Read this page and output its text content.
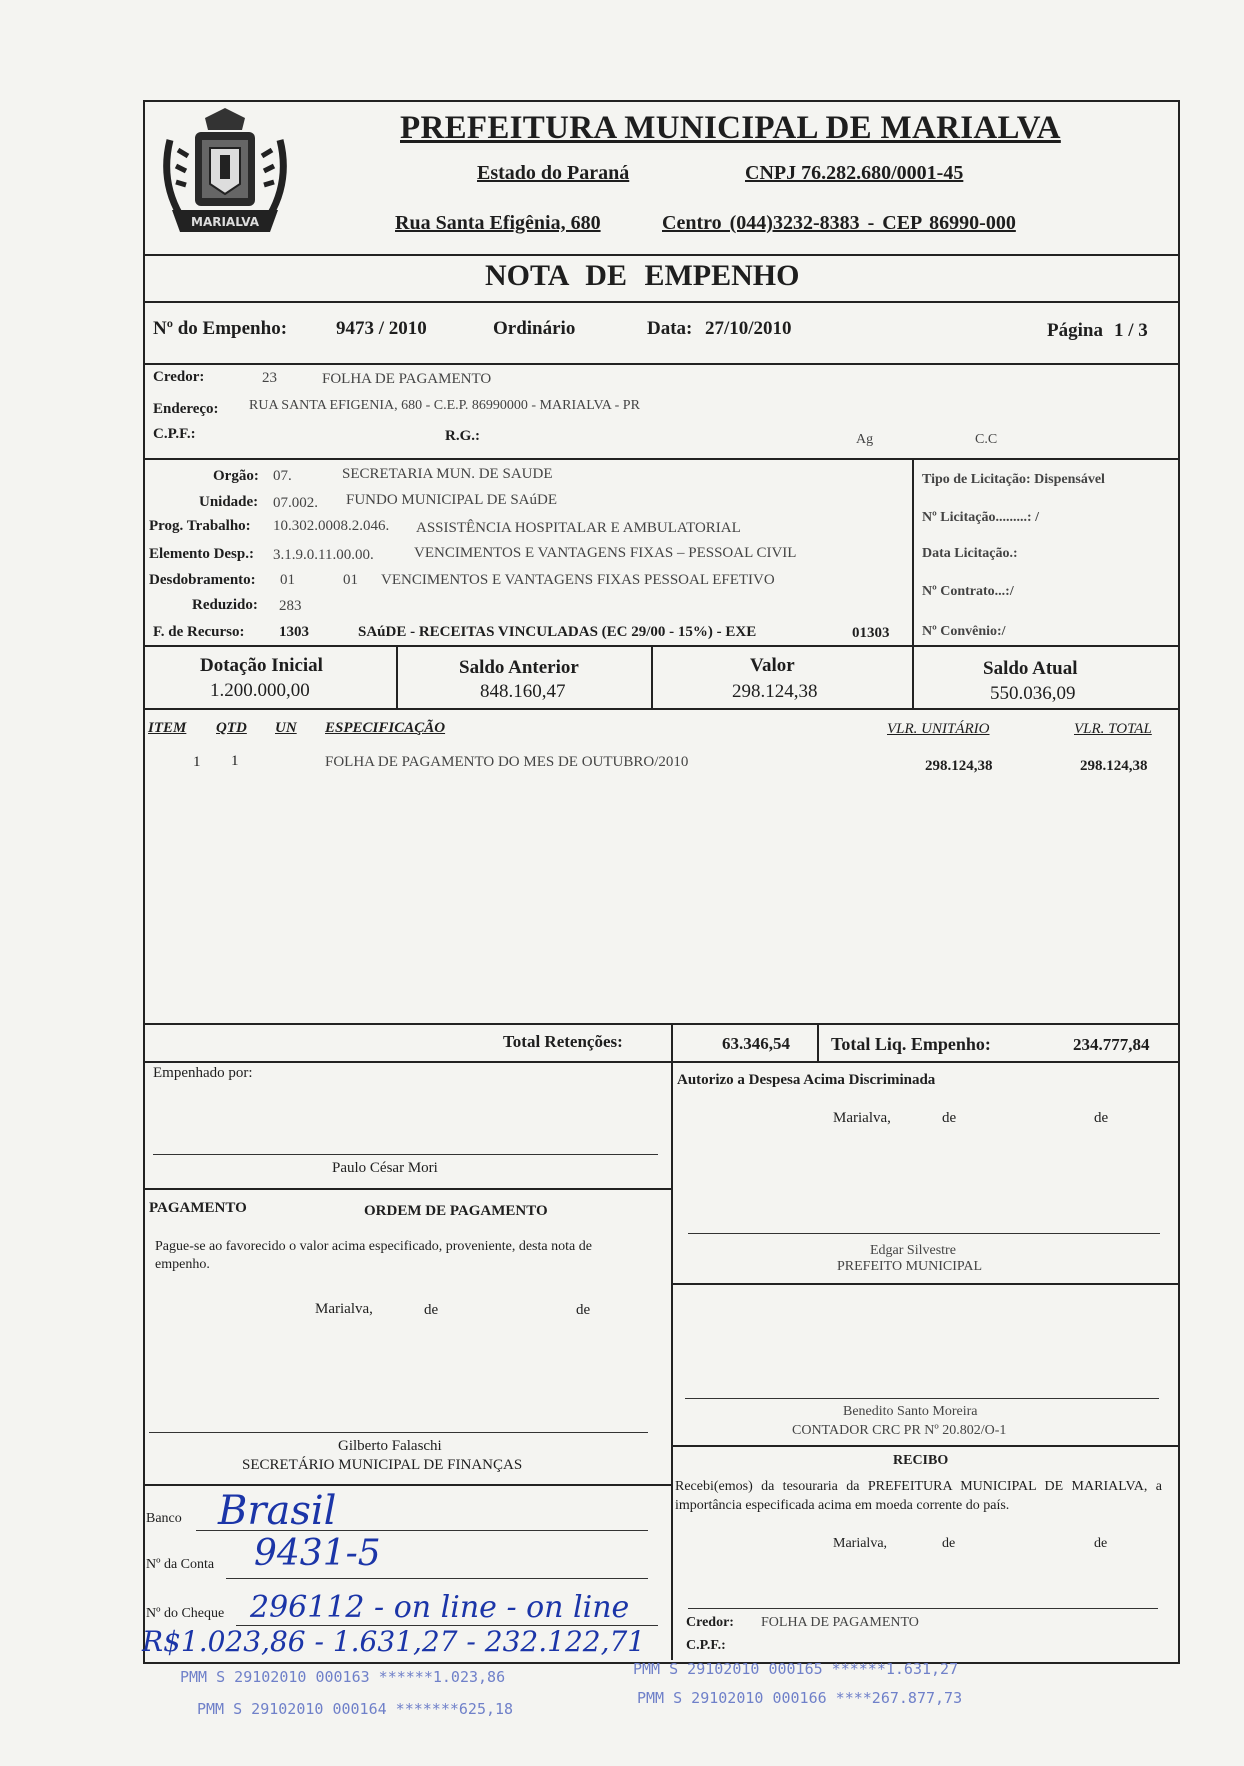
MARIALVA
PREFEITURA MUNICIPAL DE MARIALVA
Estado do Paraná	CNPJ 76.282.680/0001-45
Rua Santa Efigênia, 680	Centro (044)3232-8383 - CEP 86990-000
NOTA DE EMPENHO
Nº do Empenho:	9473 / 2010	Ordinário	Data: 27/10/2010	Página 1 / 3
Credor:	23	FOLHA DE PAGAMENTO
Endereço: RUA SANTA EFIGENIA, 680 - C.E.P. 86990000 - MARIALVA - PR
C.P.F.:	R.G.:	Ag	C.C
Orgão: 07.	SECRETARIA MUN. DE SAUDE
Unidade: 07.002. FUNDO MUNICIPAL DE SAúDE
Prog. Trabalho: 10.302.0008.2.046. ASSISTÊNCIA HOSPITALAR E AMBULATORIAL
Elemento Desp.: 3.1.9.0.11.00.00.	VENCIMENTOS E VANTAGENS FIXAS – PESSOAL CIVIL
Desdobramento: 01	01 VENCIMENTOS E VANTAGENS FIXAS PESSOAL EFETIVO
Reduzido: 283
F. de Recurso: 1303	SAúDE - RECEITAS VINCULADAS (EC 29/00 - 15%) - EXE	01303
Tipo de Licitação: Dispensável
Nº Licitação.........: /
Data Licitação.:
Nº Contrato...:/
Nº Convênio:/
Dotação Inicial
1.200.000,00
Saldo Anterior
848.160,47
Valor
298.124,38
Saldo Atual
550.036,09
ITEM QTD UN ESPECIFICAÇÃO	VLR. UNITÁRIO	VLR. TOTAL
1 1	FOLHA DE PAGAMENTO DO MES DE OUTUBRO/2010	298.124,38	298.124,38
Total Retenções:	63.346,54 Total Liq. Empenho:	234.777,84
Empenhado por:
Paulo César Mori
PAGAMENTO	ORDEM DE PAGAMENTO
Pague-se ao favorecido o valor acima especificado, proveniente, desta nota de empenho.
Marialva,	de	de
Gilberto Falaschi
SECRETÁRIO MUNICIPAL DE FINANÇAS
Banco Brasil
Nº da Conta 9431-5
Nº do Cheque 296112 - on line - on line
R$1.023,86 - 1.631,27 - 232.122,71
Autorizo a Despesa Acima Discriminada
Marialva,	de	de
Edgar Silvestre
PREFEITO MUNICIPAL
Benedito Santo Moreira
CONTADOR CRC PR Nº 20.802/O-1
RECIBO
Recebi(emos) da tesouraria da PREFEITURA MUNICIPAL DE MARIALVA, a importância especificada acima em moeda corrente do país.
Marialva,	de	de
Credor: FOLHA DE PAGAMENTO
C.P.F.:
PMM S 29102010 000163 ******1.023,86
PMM S 29102010 000164 *******625,18
PMM S 29102010 000165 ******1.631,27
PMM S 29102010 000166 ****267.877,73
